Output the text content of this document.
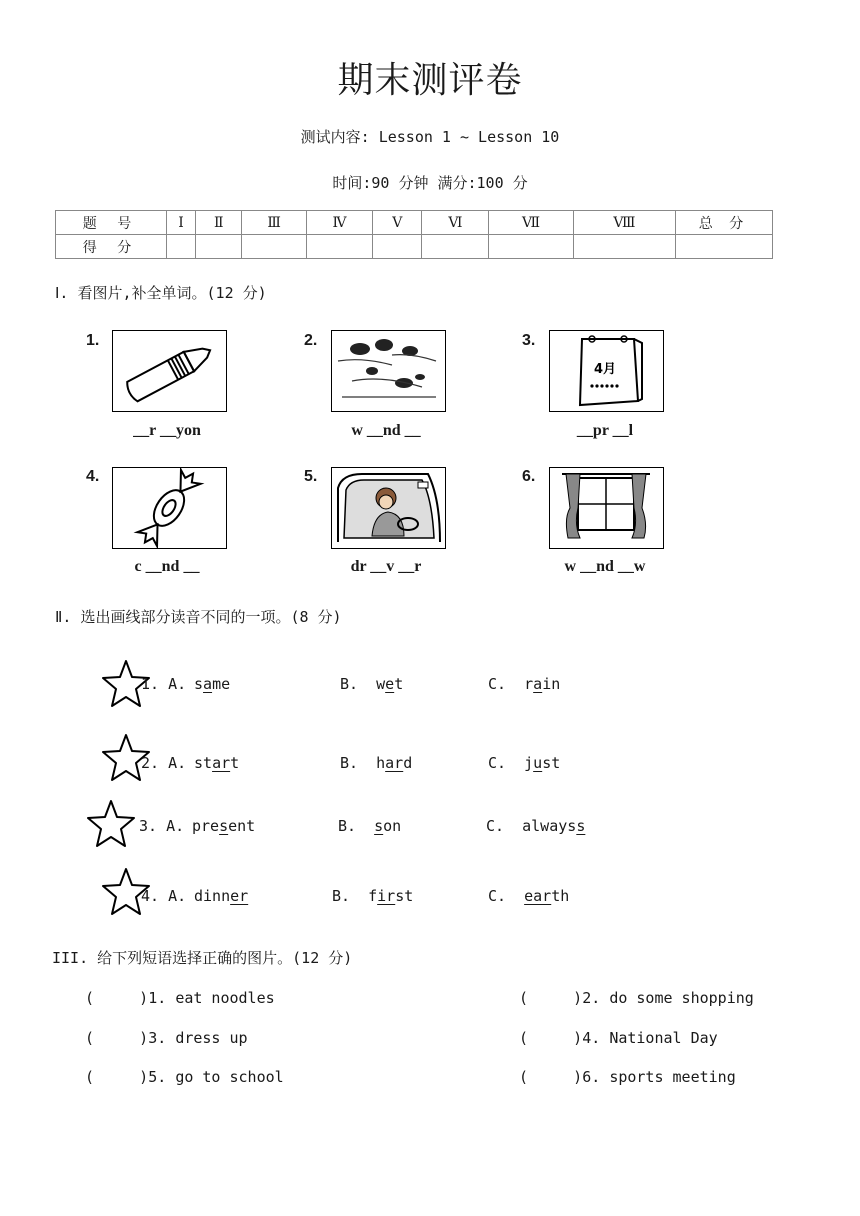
期末测评卷
测试内容: Lesson 1 ~ Lesson 10
时间:90 分钟 满分:100 分
题 号	Ⅰ	Ⅱ	Ⅲ	Ⅳ	Ⅴ	Ⅵ	Ⅶ	Ⅷ	总 分
得 分									
Ⅰ. 看图片,补全单词。(12 分)
1.
__r __yon
2.
w __nd __
3.
4月
__pr __l
4.
c __nd __
5.
dr __v __r
6.
w __nd __w
Ⅱ. 选出画线部分读音不同的一项。(8 分)
1. A. same	B. wet	C. rain
2. A. start	B. hard	C. just
3. A. present	B. son	C. alwayss
4. A. dinner	B. first	C. earth
III. 给下列短语选择正确的图片。(12 分)
(     )1. eat noodles	(     )2. do some shopping
(     )3. dress up	(     )4. National Day
(     )5. go to school	(     )6. sports meeting
